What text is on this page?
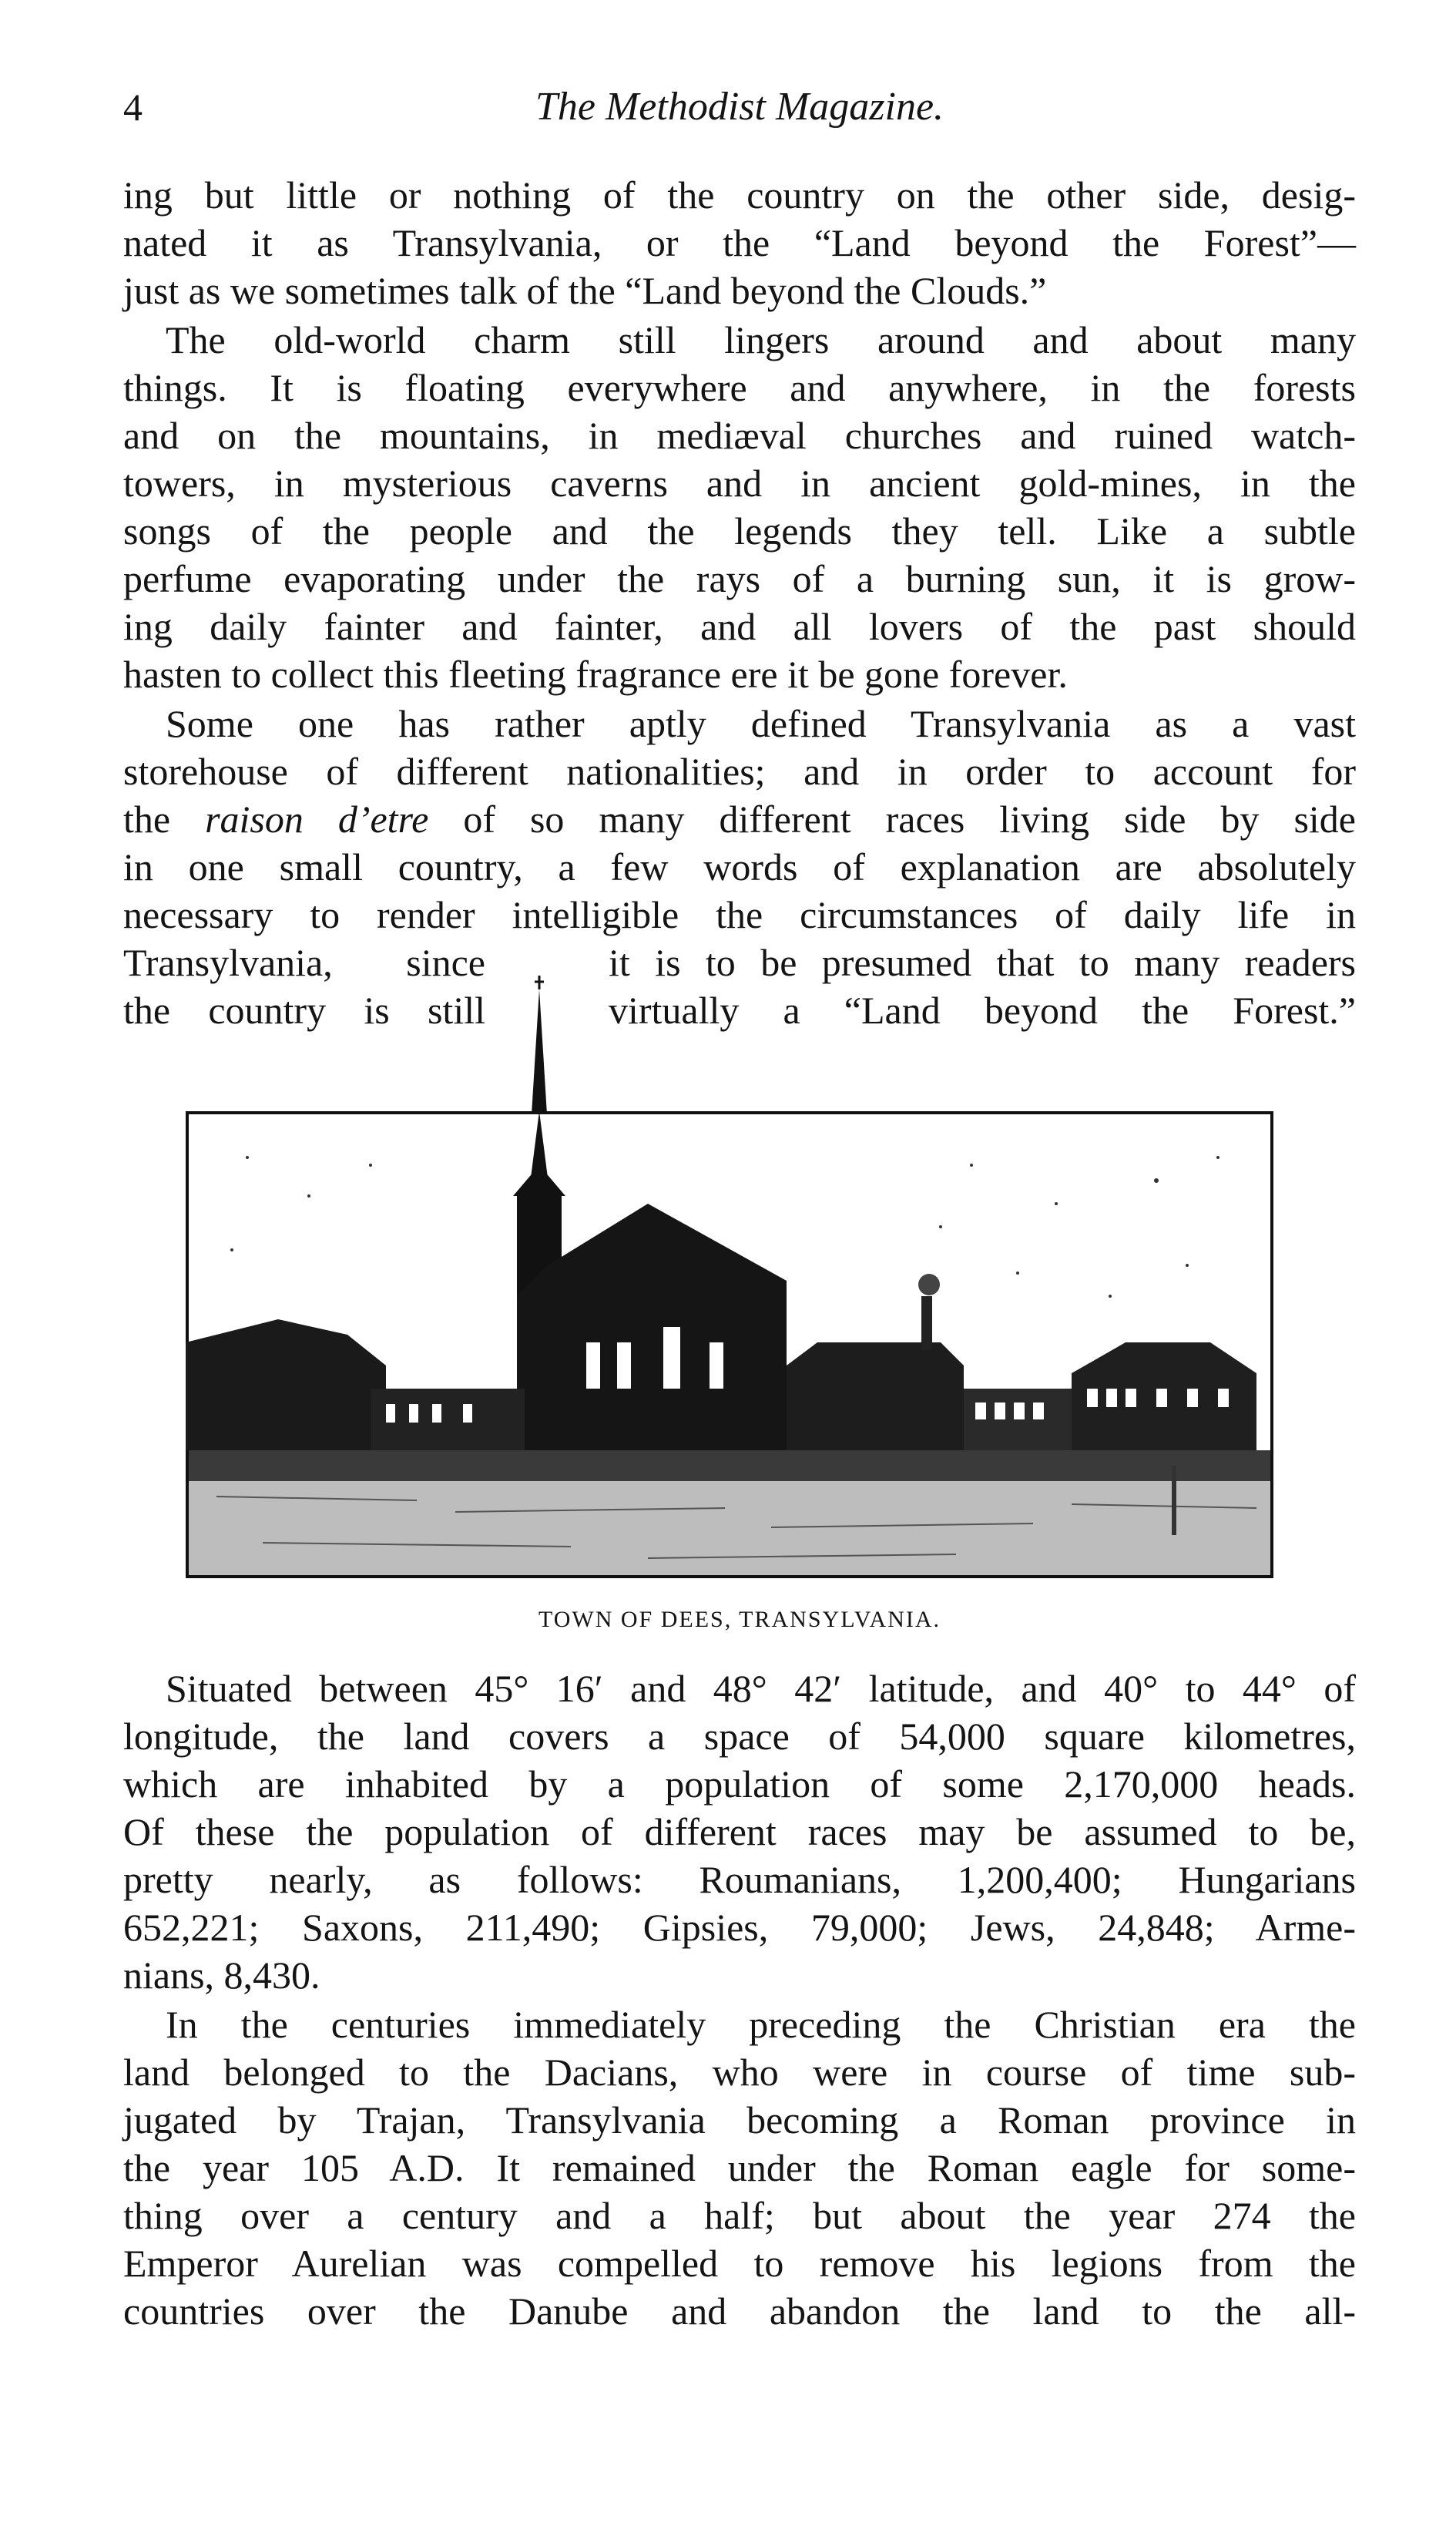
4	The Methodist Magazine.
ing but little or nothing of the country on the other side, desig-
nated it as Transylvania, or the “Land beyond the Forest”—
just as we sometimes talk of the “Land beyond the Clouds.”
The old-world charm still lingers around and about many
things. It is floating everywhere and anywhere, in the forests
and on the mountains, in mediæval churches and ruined watch-
towers, in mysterious caverns and in ancient gold-mines, in the
songs of the people and the legends they tell. Like a subtle
perfume evaporating under the rays of a burning sun, it is grow-
ing daily fainter and fainter, and all lovers of the past should
hasten to collect this fleeting fragrance ere it be gone forever.
Some one has rather aptly defined Transylvania as a vast
storehouse of different nationalities; and in order to account for
the raison d’etre of so many different races living side by side
in one small country, a few words of explanation are absolutely
necessary to render intelligible the circumstances of daily life in
Transylvania, since	it is to be presumed that to many readers
the country is still	virtually a “Land beyond the Forest.”
TOWN OF DEES, TRANSYLVANIA.
Situated between 45° 16′ and 48° 42′ latitude, and 40° to 44° of
longitude, the land covers a space of 54,000 square kilometres,
which are inhabited by a population of some 2,170,000 heads.
Of these the population of different races may be assumed to be,
pretty nearly, as follows: Roumanians, 1,200,400; Hungarians
652,221; Saxons, 211,490; Gipsies, 79,000; Jews, 24,848; Arme-
nians, 8,430.
In the centuries immediately preceding the Christian era the
land belonged to the Dacians, who were in course of time sub-
jugated by Trajan, Transylvania becoming a Roman province in
the year 105 A.D. It remained under the Roman eagle for some-
thing over a century and a half; but about the year 274 the
Emperor Aurelian was compelled to remove his legions from the
countries over the Danube and abandon the land to the all-
